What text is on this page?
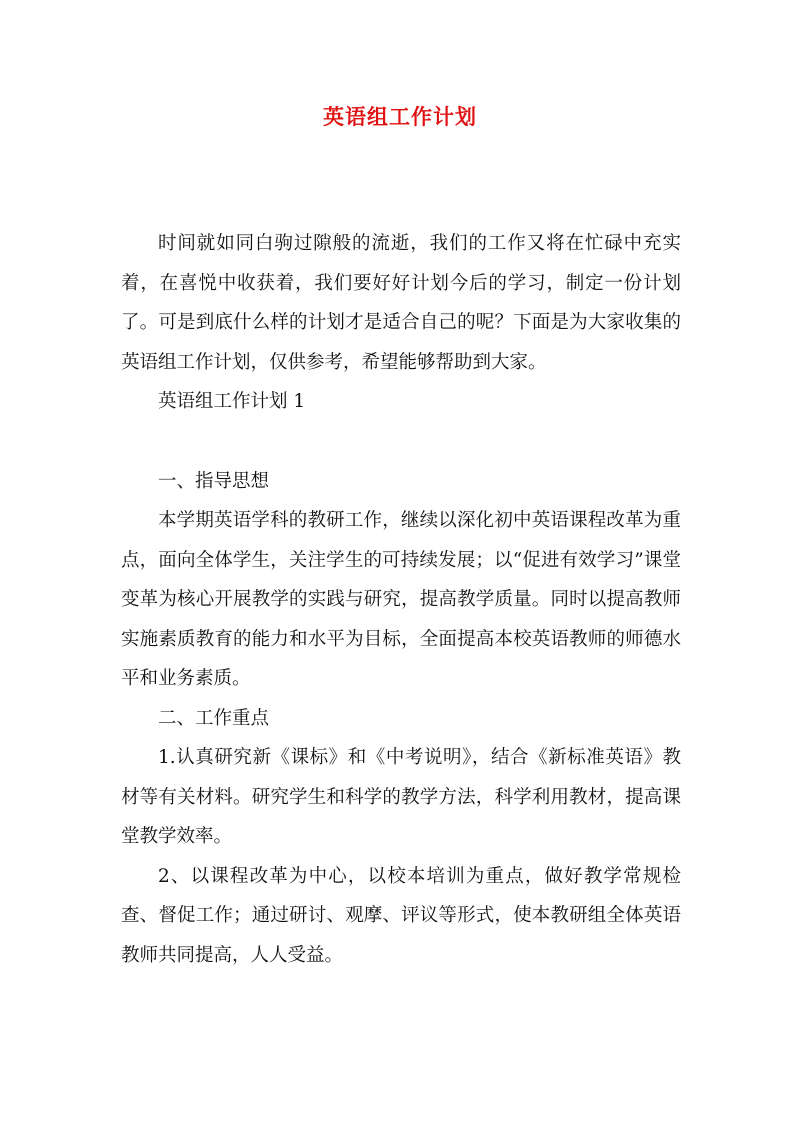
英语组工作计划

时间就如同白驹过隙般的流逝，我们的工作又将在忙碌中充实着，在喜悦中收获着，我们要好好计划今后的学习，制定一份计划了。可是到底什么样的计划才是适合自己的呢？下面是为大家收集的英语组工作计划，仅供参考，希望能够帮助到大家。

英语组工作计划 1

一、指导思想

本学期英语学科的教研工作，继续以深化初中英语课程改革为重点，面向全体学生，关注学生的可持续发展；以“促进有效学习”课堂变革为核心开展教学的实践与研究，提高教学质量。同时以提高教师实施素质教育的能力和水平为目标，全面提高本校英语教师的师德水平和业务素质。

二、工作重点

1.认真研究新《课标》和《中考说明》，结合《新标准英语》教材等有关材料。研究学生和科学的教学方法，科学利用教材，提高课堂教学效率。

2、以课程改革为中心，以校本培训为重点，做好教学常规检查、督促工作；通过研讨、观摩、评议等形式，使本教研组全体英语教师共同提高，人人受益。
